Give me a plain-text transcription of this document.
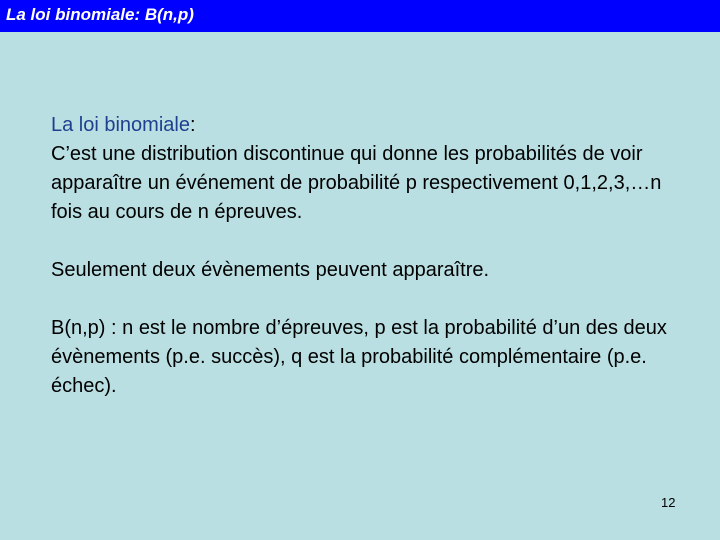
La loi binomiale: B(n,p)

La loi binomiale:
C’est une distribution discontinue qui donne les probabilités de voir apparaître un événement de probabilité p respectivement 0,1,2,3,…n fois au cours de n épreuves.

Seulement deux évènements peuvent apparaître.

B(n,p) : n est le nombre d’épreuves, p est la probabilité d’un des deux évènements (p.e. succès), q est la probabilité complémentaire (p.e. échec).

12
